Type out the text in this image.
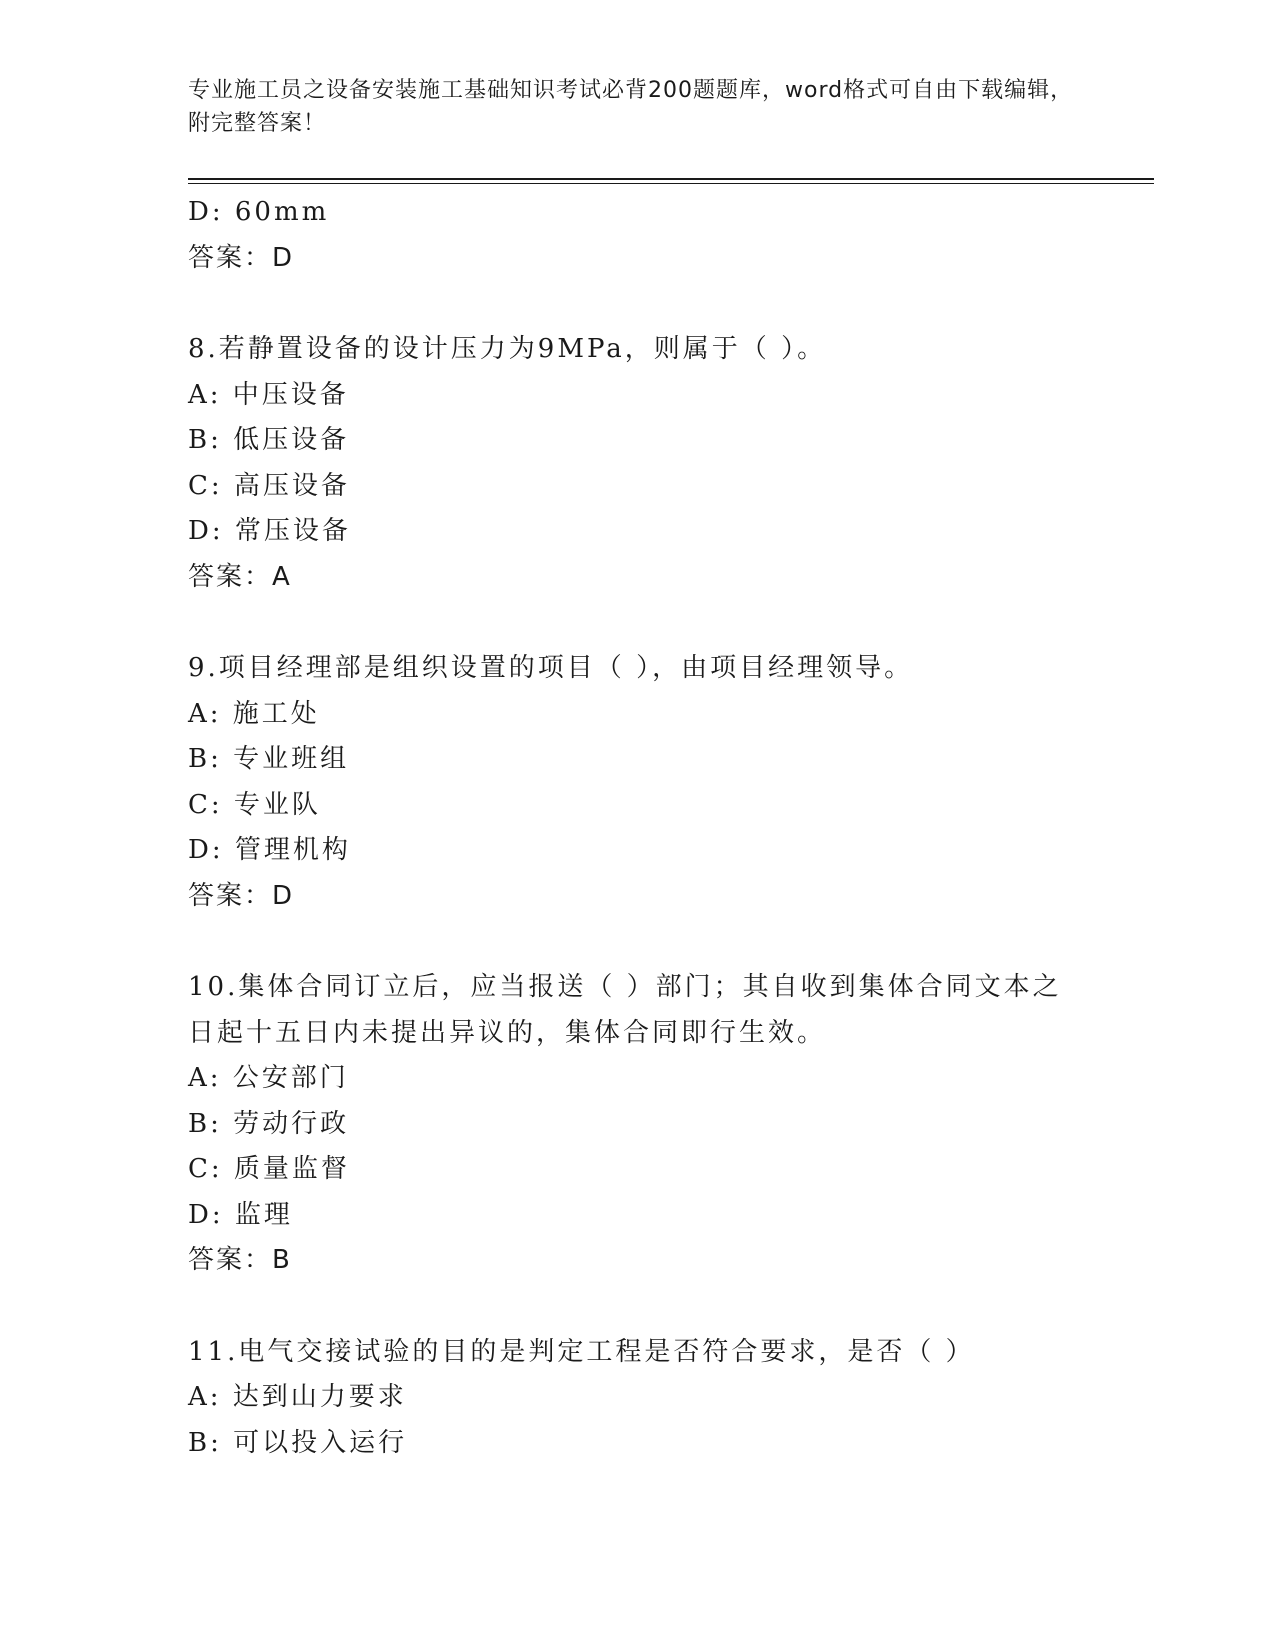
专业施工员之设备安装施工基础知识考试必背200题题库，word格式可自由下载编辑，附完整答案！
D: 60mm
答案：D
8.若静置设备的设计压力为9MPa，则属于（ ）。
A: 中压设备
B: 低压设备
C: 高压设备
D: 常压设备
答案：A
9.项目经理部是组织设置的项目（ ），由项目经理领导。
A: 施工处
B: 专业班组
C: 专业队
D: 管理机构
答案：D
10.集体合同订立后，应当报送（ ）部门；其自收到集体合同文本之日起十五日内未提出异议的，集体合同即行生效。
A: 公安部门
B: 劳动行政
C: 质量监督
D: 监理
答案：B
11.电气交接试验的目的是判定工程是否符合要求，是否（ ）
A: 达到山力要求
B: 可以投入运行
